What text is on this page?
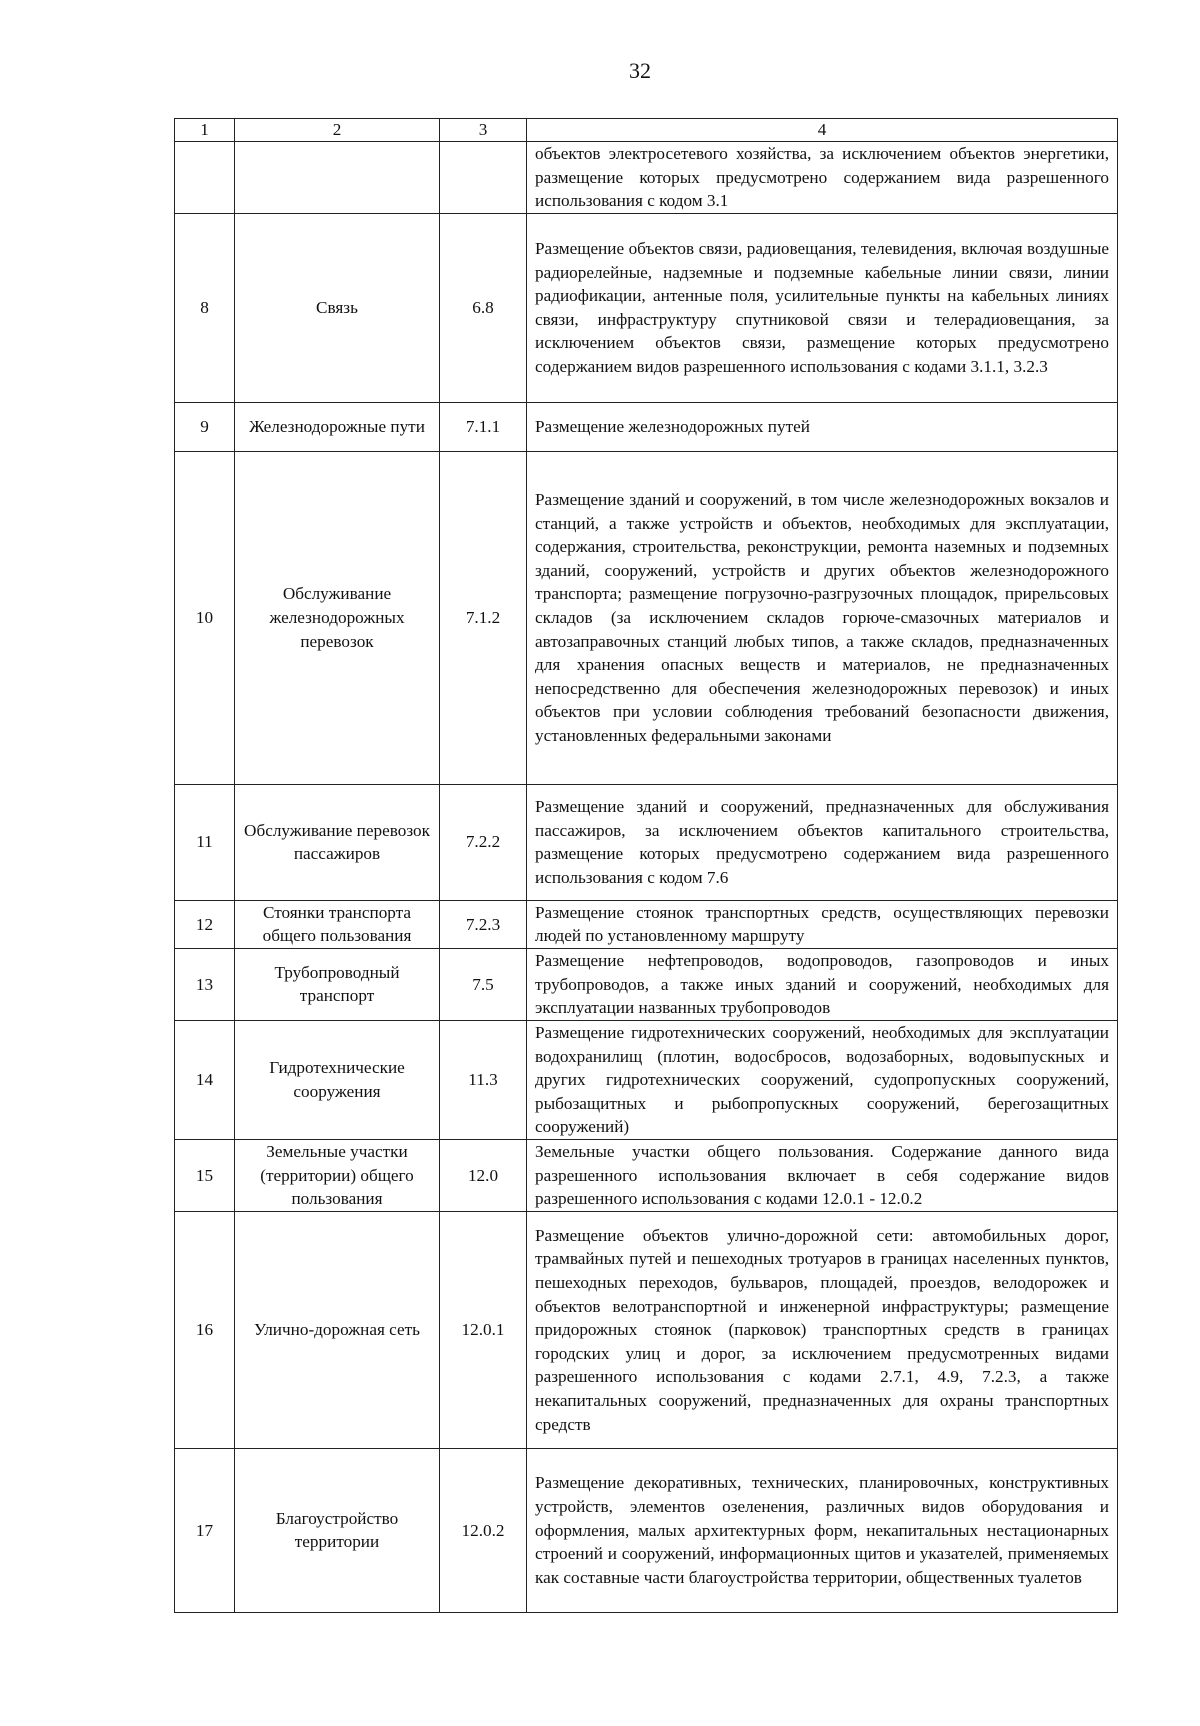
32
1	2	3	4
			объектов электросетевого хозяйства, за исключением объектов энергетики, размещение которых предусмотрено содержанием вида разрешенного использования с кодом 3.1
8	Связь	6.8	Размещение объектов связи, радиовещания, телевидения, включая воздушные радиорелейные, надземные и подземные кабельные линии связи, линии радиофикации, антенные поля, усилительные пункты на кабельных линиях связи, инфраструктуру спутниковой связи и телерадиовещания, за исключением объектов связи, размещение которых предусмотрено содержанием видов разрешенного использования с кодами 3.1.1, 3.2.3
9	Железнодорожные пути	7.1.1	Размещение железнодорожных путей
10	Обслуживание железнодорожных перевозок	7.1.2	Размещение зданий и сооружений, в том числе железнодорожных вокзалов и станций, а также устройств и объектов, необходимых для эксплуатации, содержания, строительства, реконструкции, ремонта наземных и подземных зданий, сооружений, устройств и других объектов железнодорожного транспорта; размещение погрузочно-разгрузочных площадок, прирельсовых складов (за исключением складов горюче-смазочных материалов и автозаправочных станций любых типов, а также складов, предназначенных для хранения опасных веществ и материалов, не предназначенных непосредственно для обеспечения железнодорожных перевозок) и иных объектов при условии соблюдения требований безопасности движения, установленных федеральными законами
11	Обслуживание перевозок пассажиров	7.2.2	Размещение зданий и сооружений, предназначенных для обслуживания пассажиров, за исключением объектов капитального строительства, размещение которых предусмотрено содержанием вида разрешенного использования с кодом 7.6
12	Стоянки транспорта общего пользования	7.2.3	Размещение стоянок транспортных средств, осуществляющих перевозки людей по установленному маршруту
13	Трубопроводный транспорт	7.5	Размещение нефтепроводов, водопроводов, газопроводов и иных трубопроводов, а также иных зданий и сооружений, необходимых для эксплуатации названных трубопроводов
14	Гидротехнические сооружения	11.3	Размещение гидротехнических сооружений, необходимых для эксплуатации водохранилищ (плотин, водосбросов, водозаборных, водовыпускных и других гидротехнических сооружений, судопропускных сооружений, рыбозащитных и рыбопропускных сооружений, берегозащитных сооружений)
15	Земельные участки (территории) общего пользования	12.0	Земельные участки общего пользования. Содержание данного вида разрешенного использования включает в себя содержание видов разрешенного использования с кодами 12.0.1 - 12.0.2
16	Улично-дорожная сеть	12.0.1	Размещение объектов улично-дорожной сети: автомобильных дорог, трамвайных путей и пешеходных тротуаров в границах населенных пунктов, пешеходных переходов, бульваров, площадей, проездов, велодорожек и объектов велотранспортной и инженерной инфраструктуры; размещение придорожных стоянок (парковок) транспортных средств в границах городских улиц и дорог, за исключением предусмотренных видами разрешенного использования с кодами 2.7.1, 4.9, 7.2.3, а также некапитальных сооружений, предназначенных для охраны транспортных средств
17	Благоустройство территории	12.0.2	Размещение декоративных, технических, планировочных, конструктивных устройств, элементов озеленения, различных видов оборудования и оформления, малых архитектурных форм, некапитальных нестационарных строений и сооружений, информационных щитов и указателей, применяемых как составные части благоустройства территории, общественных туалетов
